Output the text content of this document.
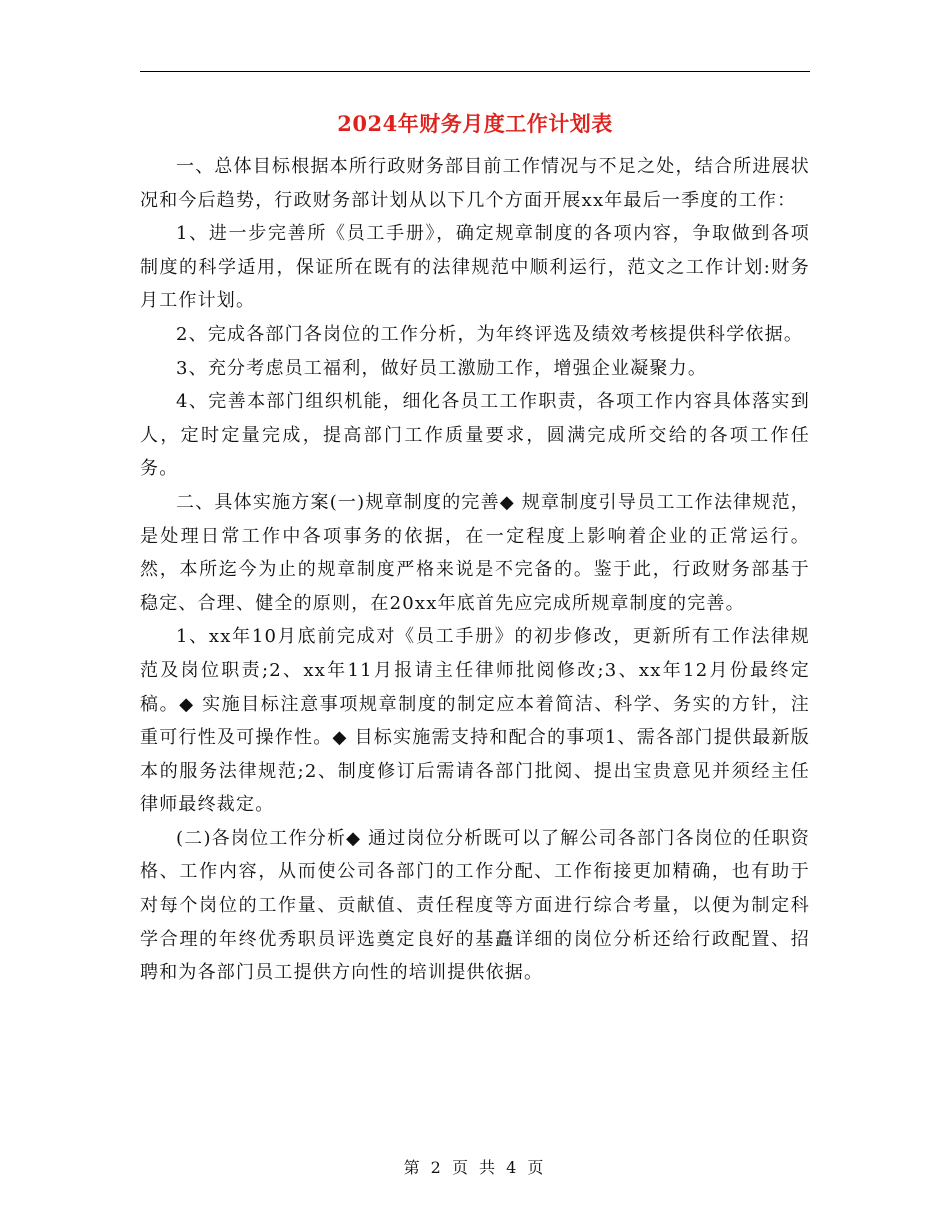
2024年财务月度工作计划表

一、总体目标根据本所行政财务部目前工作情况与不足之处，结合所进展状况和今后趋势，行政财务部计划从以下几个方面开展xx年最后一季度的工作：

1、进一步完善所《员工手册》，确定规章制度的各项内容，争取做到各项制度的科学适用，保证所在既有的法律规范中顺利运行，范文之工作计划:财务月工作计划。

2、完成各部门各岗位的工作分析，为年终评选及绩效考核提供科学依据。

3、充分考虑员工福利，做好员工激励工作，增强企业凝聚力。

4、完善本部门组织机能，细化各员工工作职责，各项工作内容具体落实到人，定时定量完成，提高部门工作质量要求，圆满完成所交给的各项工作任务。

二、具体实施方案(一)规章制度的完善◆ 规章制度引导员工工作法律规范，是处理日常工作中各项事务的依据，在一定程度上影响着企业的正常运行。然，本所迄今为止的规章制度严格来说是不完备的。鉴于此，行政财务部基于稳定、合理、健全的原则，在20xx年底首先应完成所规章制度的完善。

1、xx年10月底前完成对《员工手册》的初步修改，更新所有工作法律规范及岗位职责;2、xx年11月报请主任律师批阅修改;3、xx年12月份最终定稿。◆ 实施目标注意事项规章制度的制定应本着简洁、科学、务实的方针，注重可行性及可操作性。◆ 目标实施需支持和配合的事项1、需各部门提供最新版本的服务法律规范;2、制度修订后需请各部门批阅、提出宝贵意见并须经主任律师最终裁定。

(二)各岗位工作分析◆ 通过岗位分析既可以了解公司各部门各岗位的任职资格、工作内容，从而使公司各部门的工作分配、工作衔接更加精确，也有助于对每个岗位的工作量、贡献值、责任程度等方面进行综合考量，以便为制定科学合理的年终优秀职员评选奠定良好的基矗详细的岗位分析还给行政配置、招聘和为各部门员工提供方向性的培训提供依据。

第 2 页 共 4 页
